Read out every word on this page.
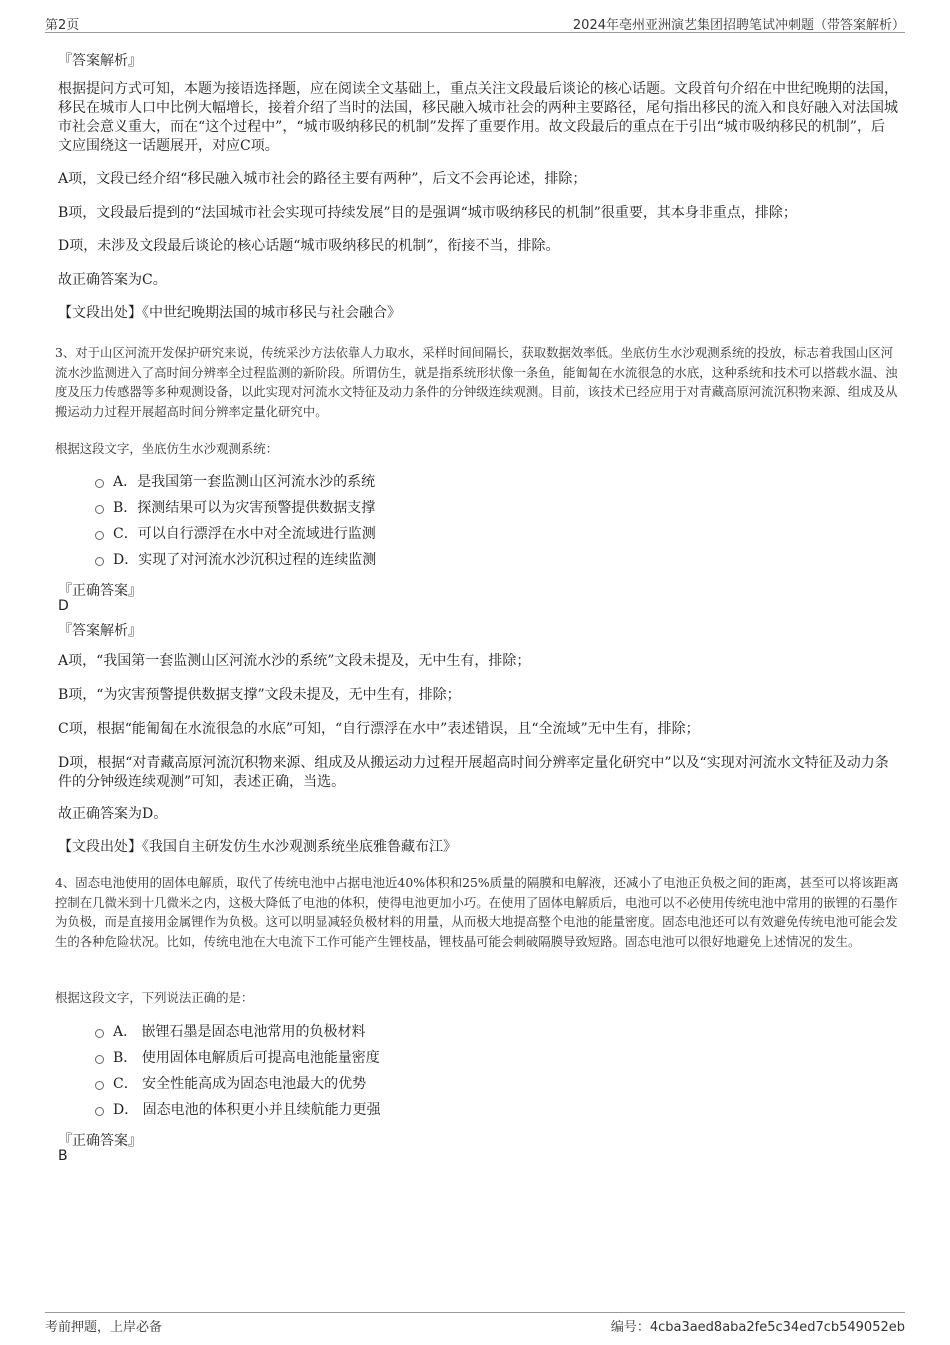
第2页	2024年亳州亚洲演艺集团招聘笔试冲刺题（带答案解析）
『答案解析』
根据提问方式可知，本题为接语选择题，应在阅读全文基础上，重点关注文段最后谈论的核心话题。文段首句介绍在中世纪晚期的法国，移民在城市人口中比例大幅增长，接着介绍了当时的法国，移民融入城市社会的两种主要路径，尾句指出移民的流入和良好融入对法国城市社会意义重大，而在“这个过程中”，“城市吸纳移民的机制”发挥了重要作用。故文段最后的重点在于引出“城市吸纳移民的机制”，后文应围绕这一话题展开，对应C项。
A项，文段已经介绍“移民融入城市社会的路径主要有两种”，后文不会再论述，排除；
B项，文段最后提到的“法国城市社会实现可持续发展”目的是强调“城市吸纳移民的机制”很重要，其本身非重点，排除；
D项，未涉及文段最后谈论的核心话题“城市吸纳移民的机制”，衔接不当，排除。
故正确答案为C。
【文段出处】《中世纪晚期法国的城市移民与社会融合》
3、对于山区河流开发保护研究来说，传统采沙方法依靠人力取水，采样时间间隔长，获取数据效率低。坐底仿生水沙观测系统的投放，标志着我国山区河流水沙监测进入了高时间分辨率全过程监测的新阶段。所谓仿生，就是指系统形状像一条鱼，能匍匐在水流很急的水底，这种系统和技术可以搭载水温、浊度及压力传感器等多种观测设备，以此实现对河流水文特征及动力条件的分钟级连续观测。目前，该技术已经应用于对青藏高原河流沉积物来源、组成及从搬运动力过程开展超高时间分辨率定量化研究中。
根据这段文字，坐底仿生水沙观测系统：
A．是我国第一套监测山区河流水沙的系统
B．探测结果可以为灾害预警提供数据支撑
C．可以自行漂浮在水中对全流域进行监测
D．实现了对河流水沙沉积过程的连续监测
『正确答案』
D
『答案解析』
A项，“我国第一套监测山区河流水沙的系统”文段未提及，无中生有，排除；
B项，“为灾害预警提供数据支撑”文段未提及，无中生有，排除；
C项，根据“能匍匐在水流很急的水底”可知，“自行漂浮在水中”表述错误，且“全流域”无中生有，排除；
D项，根据“对青藏高原河流沉积物来源、组成及从搬运动力过程开展超高时间分辨率定量化研究中”以及“实现对河流水文特征及动力条件的分钟级连续观测”可知，表述正确，当选。
故正确答案为D。
【文段出处】《我国自主研发仿生水沙观测系统坐底雅鲁藏布江》
4、固态电池使用的固体电解质，取代了传统电池中占据电池近40%体积和25%质量的隔膜和电解液，还减小了电池正负极之间的距离，甚至可以将该距离控制在几微米到十几微米之内，这极大降低了电池的体积，使得电池更加小巧。在使用了固体电解质后，电池可以不必使用传统电池中常用的嵌锂的石墨作为负极，而是直接用金属锂作为负极。这可以明显减轻负极材料的用量，从而极大地提高整个电池的能量密度。固态电池还可以有效避免传统电池可能会发生的各种危险状况。比如，传统电池在大电流下工作可能产生锂枝晶，锂枝晶可能会刺破隔膜导致短路。固态电池可以很好地避免上述情况的发生。
根据这段文字，下列说法正确的是：
A． 嵌锂石墨是固态电池常用的负极材料
B． 使用固体电解质后可提高电池能量密度
C． 安全性能高成为固态电池最大的优势
D． 固态电池的体积更小并且续航能力更强
『正确答案』
B
考前押题，上岸必备	编号：4cba3aed8aba2fe5c34ed7cb549052eb
